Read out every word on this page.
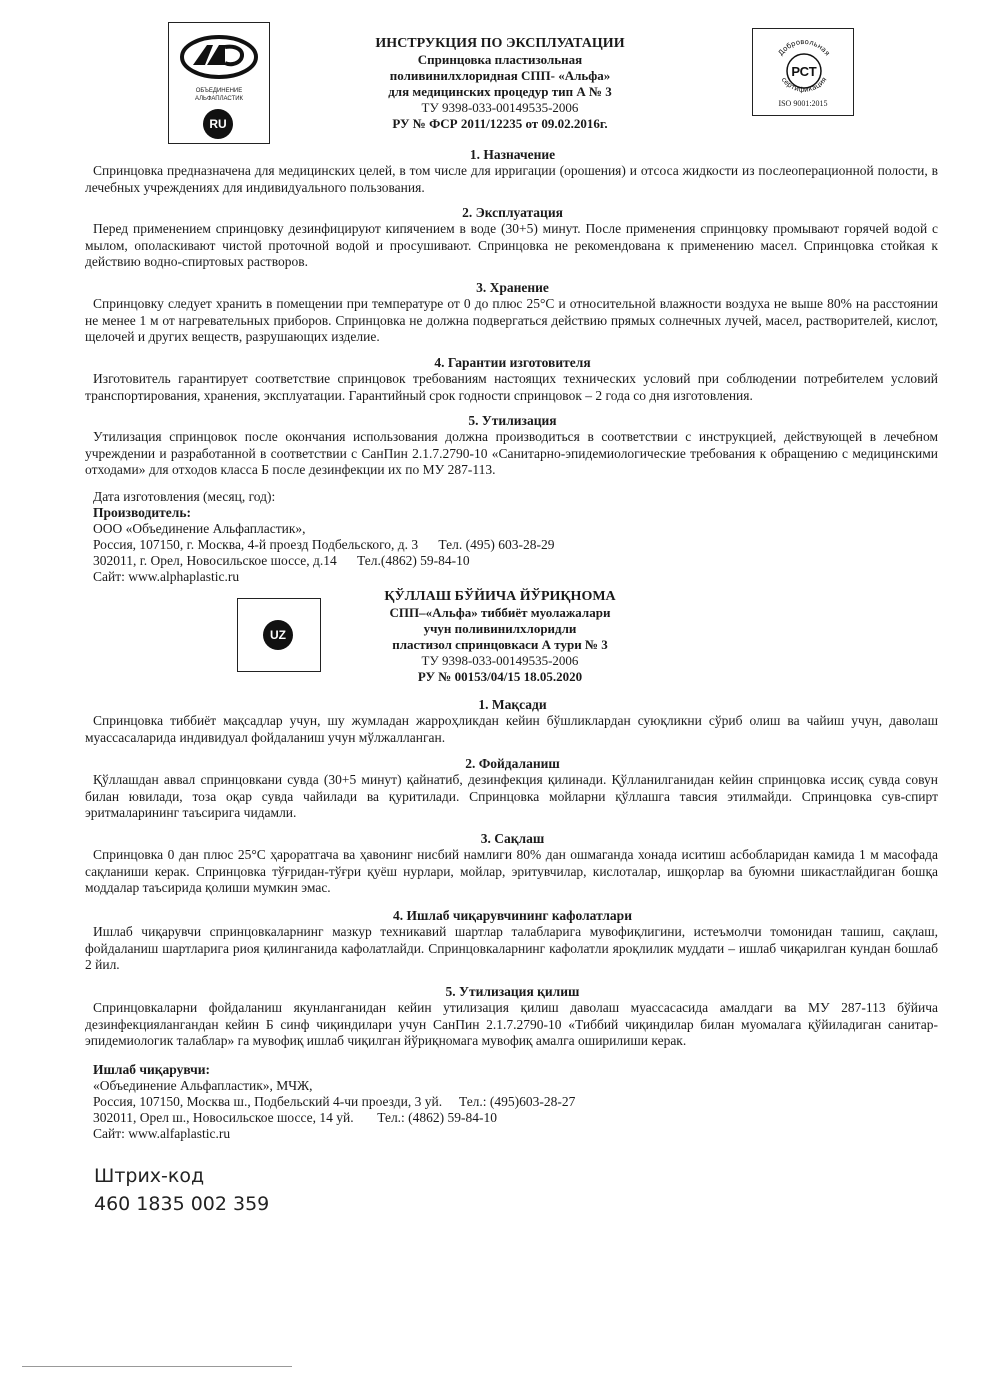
ОБЪЕДИНЕНИЕ
АЛЬФАПЛАСТИК
RU
ИНСТРУКЦИЯ ПО ЭКСПЛУАТАЦИИ
Спринцовка пластизольная
поливинилхлоридная СПП- «Альфа»
для медицинских процедур тип А № 3
ТУ 9398-033-00149535-2006
РУ № ФСР 2011/12235 от 09.02.2016г.
Добровольная
сертификация
РСТ
ISO 9001:2015
1. Назначение

Спринцовка предназначена для медицинских целей, в том числе для ирригации (орошения) и отсоса жидкости из послеоперационной полости, в лечебных учреждениях для индивидуального пользования.

2. Эксплуатация

Перед применением спринцовку дезинфицируют кипячением в воде (30+5) минут. После применения спринцовку промывают горячей водой с мылом, ополаскивают чистой проточной водой и просушивают. Спринцовка не рекомендована к применению масел. Спринцовка стойкая к действию водно-спиртовых растворов.

3. Хранение

Спринцовку следует хранить в помещении при температуре от 0 до плюс 25°С и относительной влажности воздуха не выше 80% на расстоянии не менее 1 м от нагревательных приборов. Спринцовка не должна подвергаться действию прямых солнечных лучей, масел, растворителей, кислот, щелочей и других веществ, разрушающих изделие.

4. Гарантии изготовителя

Изготовитель гарантирует соответствие спринцовок требованиям настоящих технических условий при соблюдении потребителем условий транспортирования, хранения, эксплуатации. Гарантийный срок годности спринцовок – 2 года со дня изготовления.

5. Утилизация

Утилизация спринцовок после окончания использования должна производиться в соответствии с инструкцией, действующей в лечебном учреждении и разработанной в соответствии с СанПин 2.1.7.2790-10 «Санитарно-эпидемиологические требования к обращению с медицинскими отходами» для отходов класса Б после дезинфекции их по МУ 287-113.

Дата изготовления (месяц, год):
Производитель:
ООО «Объединение Альфапластик»,
Россия, 107150, г. Москва, 4-й проезд Подбельского, д. 3      Тел. (495) 603-28-29
302011, г. Орел, Новосильское шоссе, д.14      Тел.(4862) 59-84-10
Сайт: www.alphaplastic.ru
UZ
ҚЎЛЛАШ БЎЙИЧА ЙЎРИҚНОМА
СПП–«Альфа» тиббиёт муолажалари
учун поливинилхлоридли
пластизол спринцовкаси А тури № 3
ТУ 9398-033-00149535-2006
РУ № 00153/04/15 18.05.2020
1. Мақсади

Спринцовка тиббиёт мақсадлар учун, шу жумладан жарроҳликдан кейин бўшликлардан суюқликни сўриб олиш ва чайиш учун, даволаш муассасаларида индивидуал фойдаланиш учун мўлжалланган.

2. Фойдаланиш

Қўллашдан аввал спринцовкани сувда (30+5 минут) қайнатиб, дезинфекция қилинади. Қўлланилганидан кейин спринцовка иссиқ сувда совун билан ювилади, тоза оқар сувда чайилади ва қуритилади. Спринцовка мойларни қўллашга тавсия этилмайди. Спринцовка сув-спирт эритмаларининг таъсирига чидамли.

3. Сақлаш

Спринцовка 0 дан плюс 25°С ҳароратгача ва ҳавонинг нисбий намлиги 80% дан ошмаганда хонада иситиш асбобларидан камида 1 м масофада сақланиши керак. Спринцовка тўғридан-тўғри қуёш нурлари, мойлар, эритувчилар, кислоталар, ишқорлар ва буюмни шикастлайдиган бошқа моддалар таъсирида қолиши мумкин эмас.

4. Ишлаб чиқарувчининг кафолатлари

Ишлаб чиқарувчи спринцовкаларнинг мазкур техникавий шартлар талабларига мувофиқлигини, истеъмолчи томонидан ташиш, сақлаш, фойдаланиш шартларига риоя қилинганида кафолатлайди. Спринцовкаларнинг кафолатли яроқлилик муддати – ишлаб чиқарилган кундан бошлаб 2 йил.

5. Утилизация қилиш

Спринцовкаларни фойдаланиш якунланганидан кейин утилизация қилиш даволаш муассасасида амалдаги ва МУ 287-113 бўйича дезинфекциялангандан кейин Б синф чиқиндилари учун СанПин 2.1.7.2790-10 «Тиббий чиқиндилар билан муомалага қўйиладиган санитар-эпидемиологик талаблар» га мувофиқ ишлаб чиқилган йўриқномага мувофиқ амалга оширилиши керак.

Ишлаб чиқарувчи:
«Объединение Альфапластик», МЧЖ,
Россия, 107150, Москва ш., Подбельский 4-чи проезди, 3 уй.     Тел.: (495)603-28-27
302011, Орел ш., Новосильское шоссе, 14 уй.       Тел.: (4862) 59-84-10
Сайт: www.alfaplastic.ru
Штрих-код
460 1835 002 359
